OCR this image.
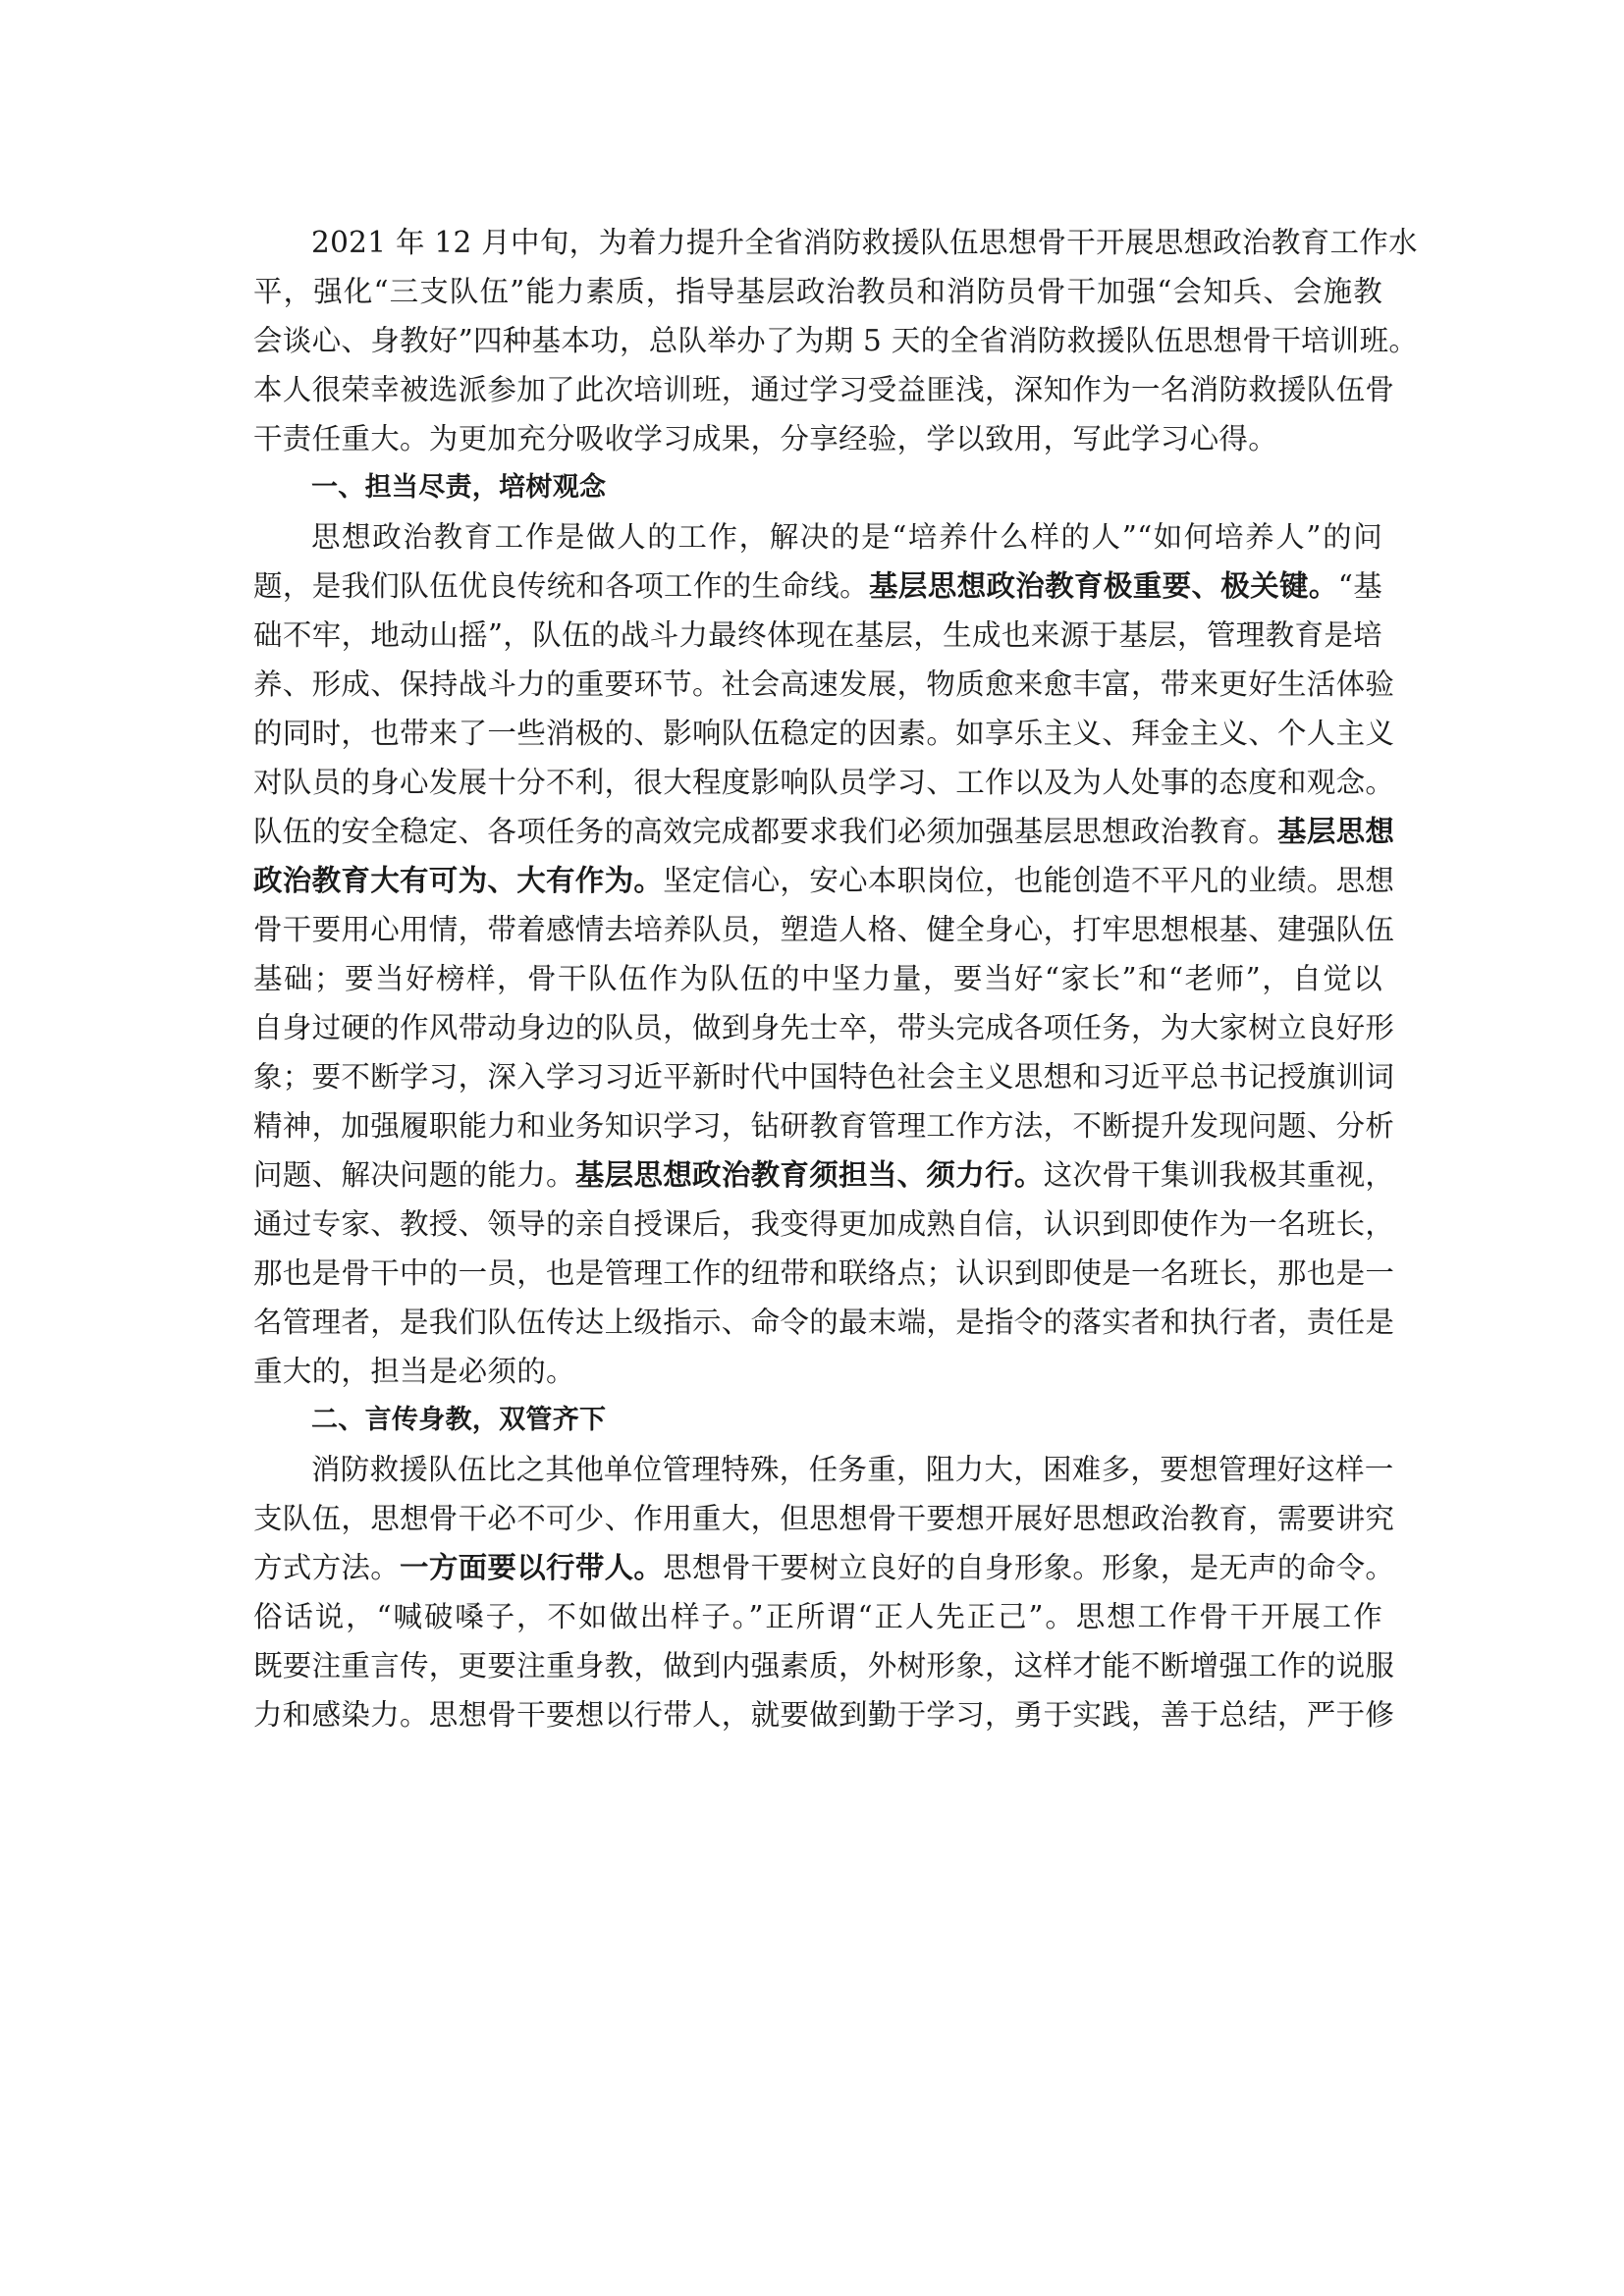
2021 年 12 月中旬，为着力提升全省消防救援队伍思想骨干开展思想政治教育工作水
平，强化“三支队伍”能力素质，指导基层政治教员和消防员骨干加强“会知兵、会施教
会谈心、身教好”四种基本功，总队举办了为期 5 天的全省消防救援队伍思想骨干培训班。
本人很荣幸被选派参加了此次培训班，通过学习受益匪浅，深知作为一名消防救援队伍骨
干责任重大。为更加充分吸收学习成果，分享经验，学以致用，写此学习心得。
一、担当尽责，培树观念
思想政治教育工作是做人的工作，解决的是“培养什么样的人”“如何培养人”的问
题，是我们队伍优良传统和各项工作的生命线。基层思想政治教育极重要、极关键。“基
础不牢，地动山摇”，队伍的战斗力最终体现在基层，生成也来源于基层，管理教育是培
养、形成、保持战斗力的重要环节。社会高速发展，物质愈来愈丰富，带来更好生活体验
的同时，也带来了一些消极的、影响队伍稳定的因素。如享乐主义、拜金主义、个人主义
对队员的身心发展十分不利，很大程度影响队员学习、工作以及为人处事的态度和观念。
队伍的安全稳定、各项任务的高效完成都要求我们必须加强基层思想政治教育。基层思想
政治教育大有可为、大有作为。坚定信心，安心本职岗位，也能创造不平凡的业绩。思想
骨干要用心用情，带着感情去培养队员，塑造人格、健全身心，打牢思想根基、建强队伍
基础；要当好榜样，骨干队伍作为队伍的中坚力量，要当好“家长”和“老师”，自觉以
自身过硬的作风带动身边的队员，做到身先士卒，带头完成各项任务，为大家树立良好形
象；要不断学习，深入学习习近平新时代中国特色社会主义思想和习近平总书记授旗训词
精神，加强履职能力和业务知识学习，钻研教育管理工作方法，不断提升发现问题、分析
问题、解决问题的能力。基层思想政治教育须担当、须力行。这次骨干集训我极其重视，
通过专家、教授、领导的亲自授课后，我变得更加成熟自信，认识到即使作为一名班长，
那也是骨干中的一员，也是管理工作的纽带和联络点；认识到即使是一名班长，那也是一
名管理者，是我们队伍传达上级指示、命令的最末端，是指令的落实者和执行者，责任是
重大的，担当是必须的。
二、言传身教，双管齐下
消防救援队伍比之其他单位管理特殊，任务重，阻力大，困难多，要想管理好这样一
支队伍，思想骨干必不可少、作用重大，但思想骨干要想开展好思想政治教育，需要讲究
方式方法。一方面要以行带人。思想骨干要树立良好的自身形象。形象，是无声的命令。
俗话说，“喊破嗓子，不如做出样子。”正所谓“正人先正己”。思想工作骨干开展工作
既要注重言传，更要注重身教，做到内强素质，外树形象，这样才能不断增强工作的说服
力和感染力。思想骨干要想以行带人，就要做到勤于学习，勇于实践，善于总结，严于修
